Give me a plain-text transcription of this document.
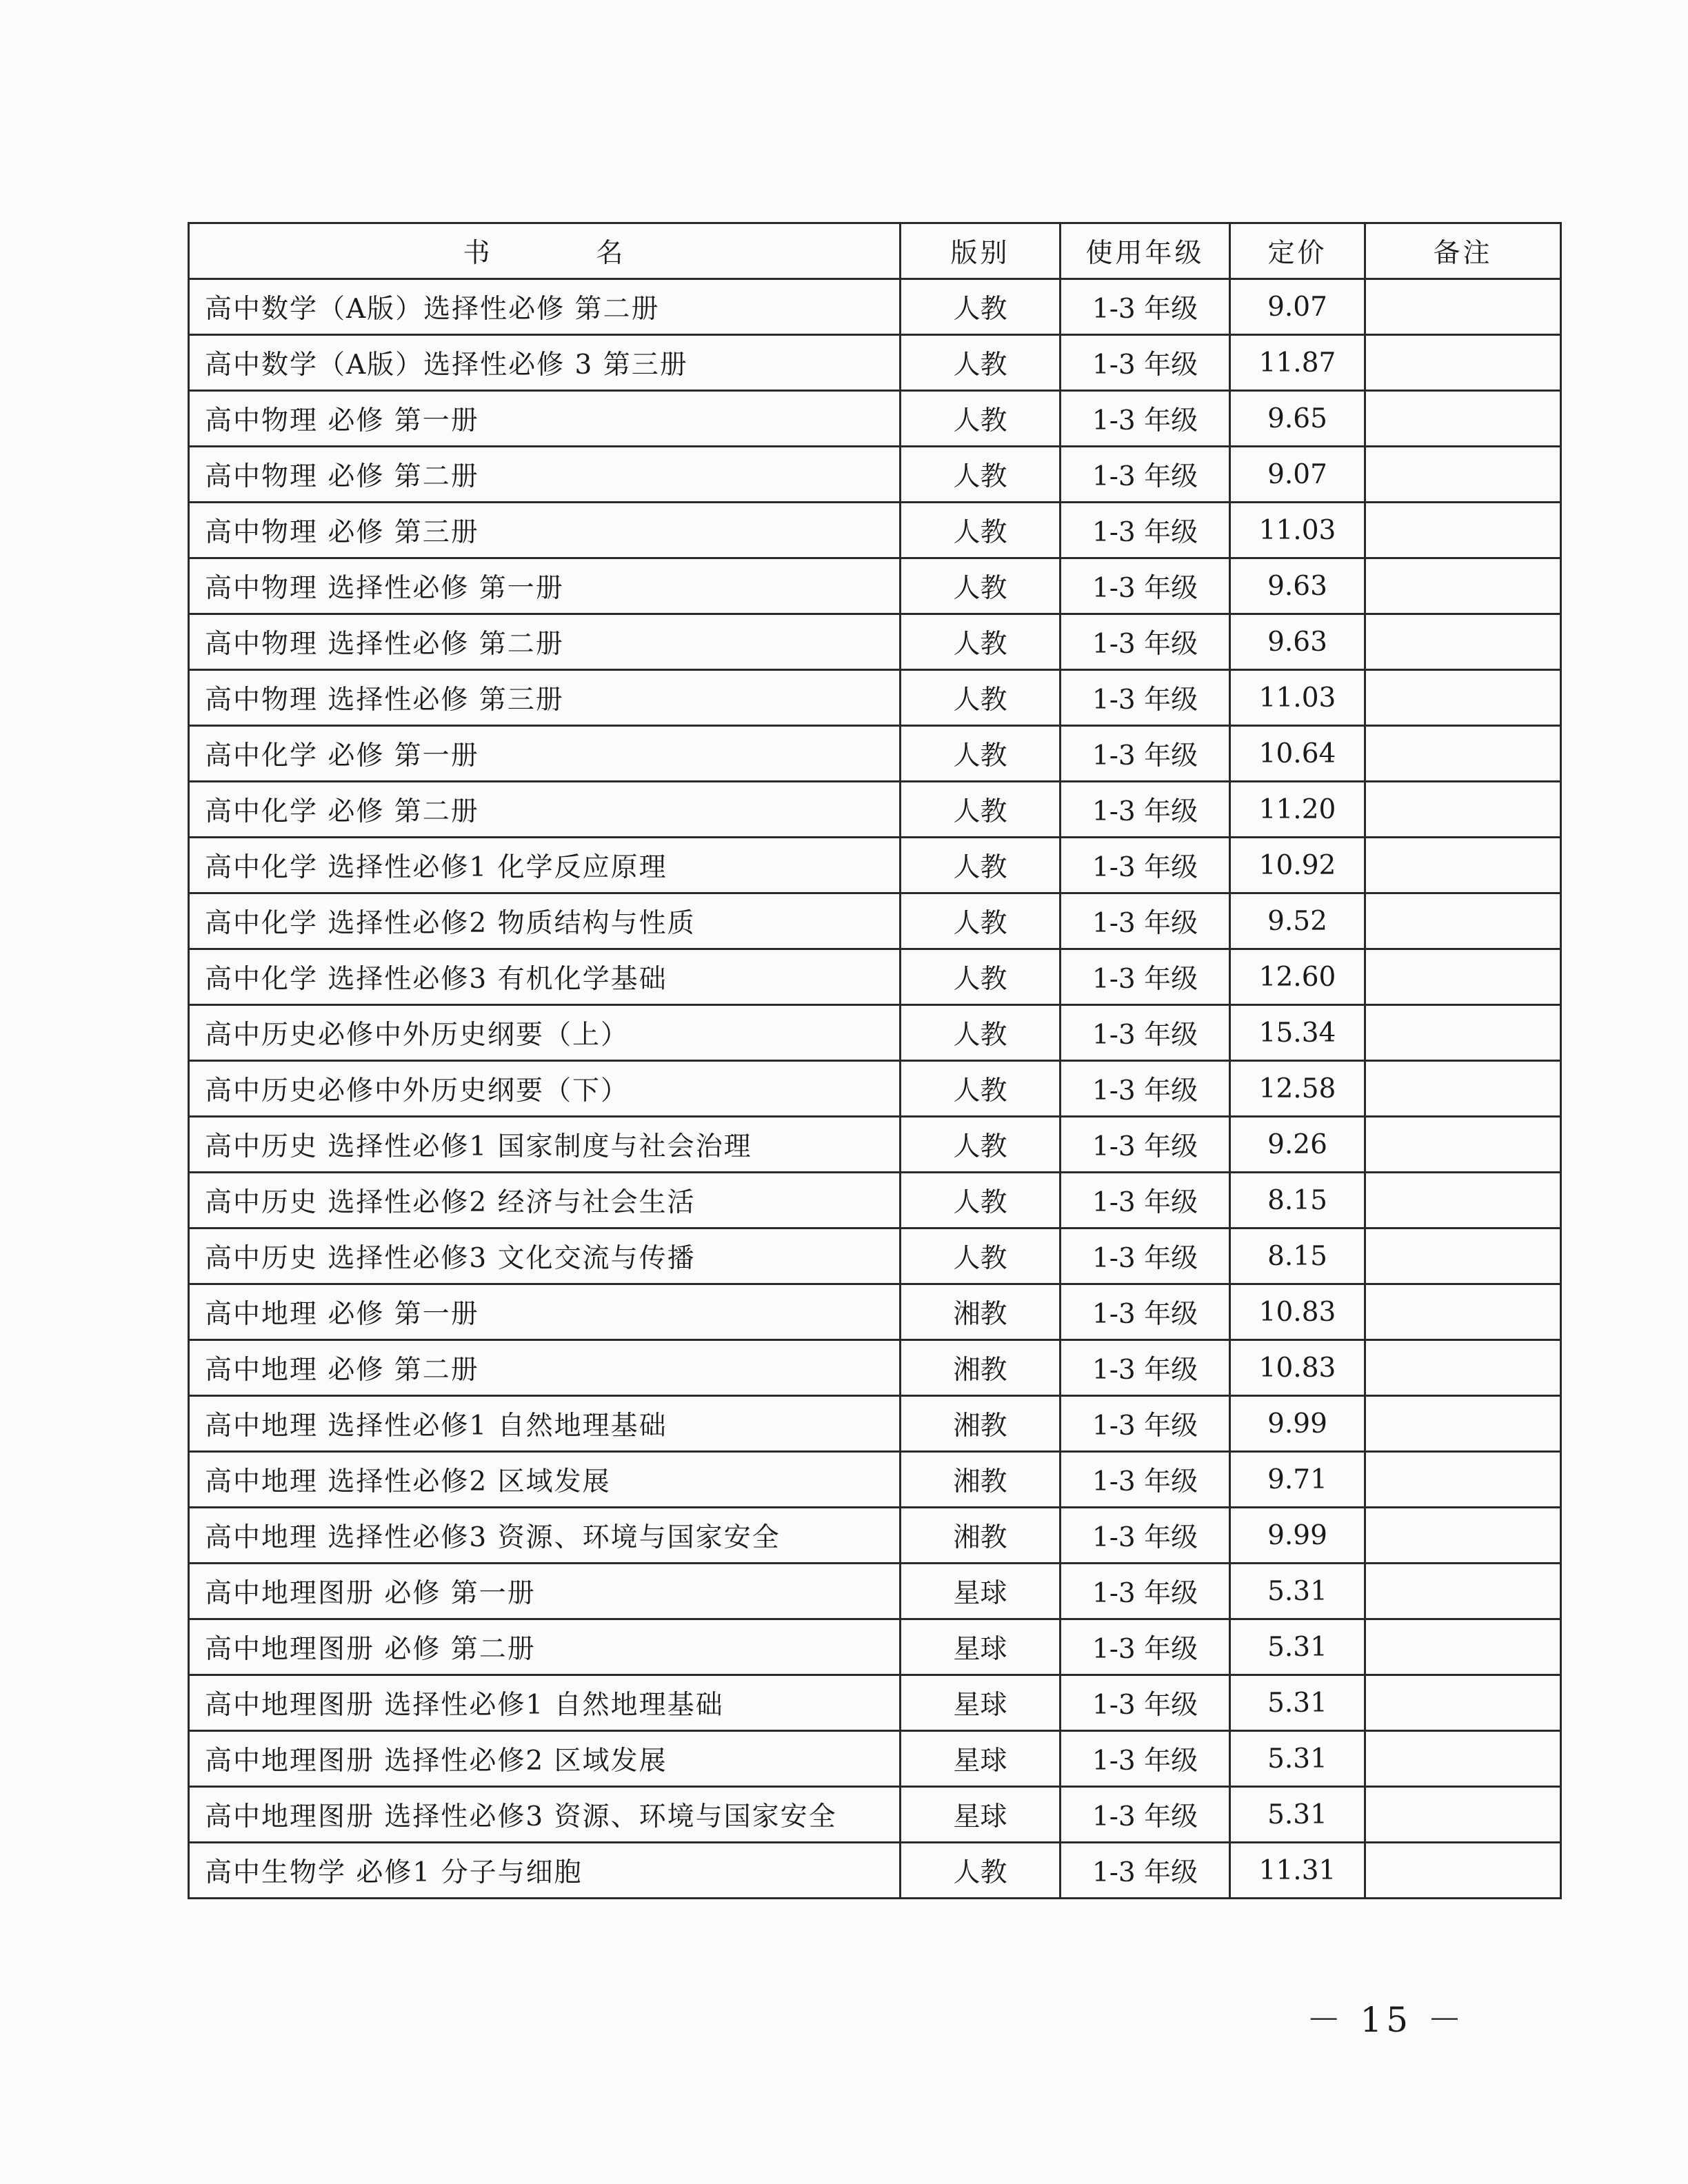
书 名	版别	使用年级	定价	备注
高中数学（A版）选择性必修 第二册	人教	1-3 年级	9.07	
高中数学（A版）选择性必修 3 第三册	人教	1-3 年级	11.87	
高中物理 必修 第一册	人教	1-3 年级	9.65	
高中物理 必修 第二册	人教	1-3 年级	9.07	
高中物理 必修 第三册	人教	1-3 年级	11.03	
高中物理 选择性必修 第一册	人教	1-3 年级	9.63	
高中物理 选择性必修 第二册	人教	1-3 年级	9.63	
高中物理 选择性必修 第三册	人教	1-3 年级	11.03	
高中化学 必修 第一册	人教	1-3 年级	10.64	
高中化学 必修 第二册	人教	1-3 年级	11.20	
高中化学 选择性必修1 化学反应原理	人教	1-3 年级	10.92	
高中化学 选择性必修2 物质结构与性质	人教	1-3 年级	9.52	
高中化学 选择性必修3 有机化学基础	人教	1-3 年级	12.60	
高中历史必修中外历史纲要（上）	人教	1-3 年级	15.34	
高中历史必修中外历史纲要（下）	人教	1-3 年级	12.58	
高中历史 选择性必修1 国家制度与社会治理	人教	1-3 年级	9.26	
高中历史 选择性必修2 经济与社会生活	人教	1-3 年级	8.15	
高中历史 选择性必修3 文化交流与传播	人教	1-3 年级	8.15	
高中地理 必修 第一册	湘教	1-3 年级	10.83	
高中地理 必修 第二册	湘教	1-3 年级	10.83	
高中地理 选择性必修1 自然地理基础	湘教	1-3 年级	9.99	
高中地理 选择性必修2 区域发展	湘教	1-3 年级	9.71	
高中地理 选择性必修3 资源、环境与国家安全	湘教	1-3 年级	9.99	
高中地理图册 必修 第一册	星球	1-3 年级	5.31	
高中地理图册 必修 第二册	星球	1-3 年级	5.31	
高中地理图册 选择性必修1 自然地理基础	星球	1-3 年级	5.31	
高中地理图册 选择性必修2 区域发展	星球	1-3 年级	5.31	
高中地理图册 选择性必修3 资源、环境与国家安全	星球	1-3 年级	5.31	
高中生物学 必修1 分子与细胞	人教	1-3 年级	11.31	
－ 15 －
